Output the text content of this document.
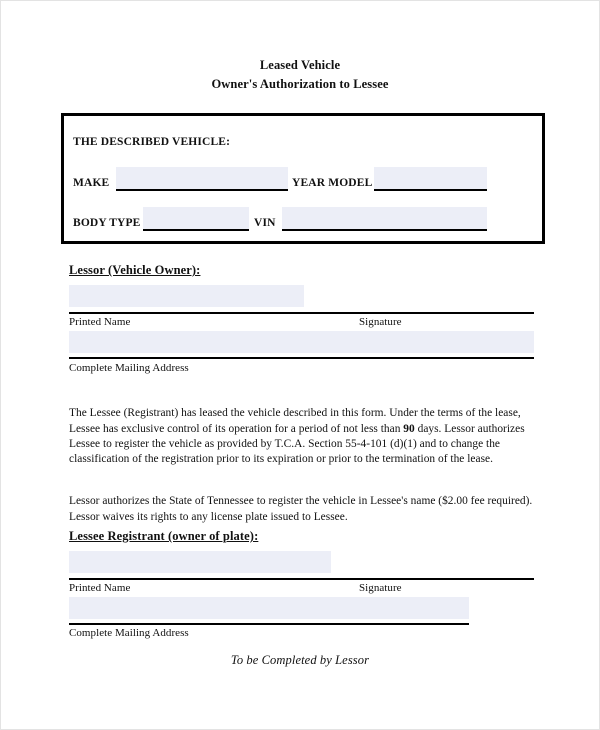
Leased Vehicle
Owner's Authorization to Lessee
THE DESCRIBED VEHICLE:
MAKE	YEAR MODEL
BODY TYPE	VIN
Lessor (Vehicle Owner):
Printed Name	Signature
Complete Mailing Address

The Lessee (Registrant) has leased the vehicle described in this form. Under the terms of the lease, Lessee has exclusive control of its operation for a period of not less than 90 days. Lessor authorizes Lessee to register the vehicle as provided by T.C.A. Section 55-4-101 (d)(1) and to change the classification of the registration prior to its expiration or prior to the termination of the lease.

Lessor authorizes the State of Tennessee to register the vehicle in Lessee's name ($2.00 fee required). Lessor waives its rights to any license plate issued to Lessee.

Lessee Registrant (owner of plate):
Printed Name	Signature
Complete Mailing Address
To be Completed by Lessor
